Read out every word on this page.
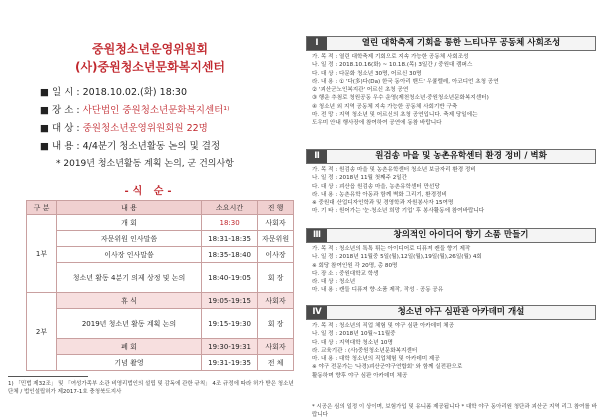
중원청소년운영위원회
(사)중원청소년문화복지센터
■ 일 시 : 2018.10.02.(화) 18:30
■ 장 소 : 사단법인 중원청소년문화복지센터¹⁾
■ 대 상 : 중원청소년운영위원회원 22명
■ 내 용 : 4/4분기 청소년활동 논의 및 결정
* 2019년 청소년활동 계획 논의, 군 건의사항
-식 순-
구 분	내 용	소요시간	진 행
1부	개 회	18:30	사회자
	자문위원 인사말씀	18:31-18:35	자문위원
	이사장 인사말씀	18:35-18:40	이사장
	청소년 활동 4분기 의제 상정 및 논의	18:40-19:05	회 장
2부	휴 식	19:05-19:15	사회자
	2019년 청소년 활동 계획 논의	19:15-19:30	회 장
	폐 회	19:30-19:31	사회자
	기념 촬영	19:31-19:35	전 체
1) 「민법 제32조」 및 「여성가족부 소관 비영리법인의 설립 및 감독에 관한 규칙」 4조 규정에 따라 허가 받은 청소년단체 / 법인설립허가 제2017-1호 충청북도지사
Ⅰ	열린 대학축제 기회을 통한 느티나무 공동체 사회조성
가. 목 적 : 열린 대학축제 기회으로 지속 가능한 공동체 사회조성
나. 일 정 : 2018.10.16(화) ~ 10.18.(목) 3일간 / 중원대 캠퍼스
다. 대 상 : 다문화 청소년 30명, 어르신 30명
라. 내 용 : ① '다(多)다(Da) 한국 동아리 밴드' 우쿨렐레, 아코디언 초청 공연
② '괴산군노인복지관' 어르신 초청 공연
③ 행운 추첨로 청원공동 우수 운영(제천청소년·중원청소년문화복지센터)
④ 청소년 외 지역 공동체 지속 가능한 공동체 사회기반 구축
마. 전 망 : 지역 청소년 및 어르신의 초청 공연입니다. 축제 당일에는
도우미 안내 행사장에 참여하여 공연에 동참 바랍니다
Ⅱ	원검송 마을 및 농촌유학센터 환경 정비 / 벽화
가. 목 적 : 원검송 마을 및 농촌유학센터 청소년 보금자리 환경 정비
나. 일 정 : 2018년 11월 첫째주 2일간
다. 대 상 : 괴산읍 원검송 마을, 농촌유학센터 만선당
라. 내 용 : 농촌유학 아동과 함께 벽화 그리기, 환경정비
※ 중원대 산업디자인학과 및 경영학과 자원봉사자 15여명
마. 기 타 : 원어가는 '눈·청소년 희망 기업' 후 봉사활동에 참여바랍니다
Ⅲ	창의적인 아이디어 향기 소품 만들기
가. 목 적 : 청소년의 톡톡 튀는 아이디어로 디퓨져 캔들 향기 제작
나. 일 정 : 2018년 11월중 5일(월),12일(월),19일(월),26일(월) 4회
※ 회당 참여인원 각 20명, 총 80명
다. 장 소 : 중원대학교 학생
라. 대 상 : 청소년
마. 내 용 : 캔들 디퓨져 향·소품 제작, 작성 · 공동 공유
Ⅳ	청소년 야구 심판관 아카데미 개설
가. 목 적 : 청소년의 직업 체험 및 야구 심판 아카데미 체공
나. 일 정 : 2018년 10월~11월중
다. 대 상 : 지역대학 청소년 10명
라. 교육기관 : (사)중원청소년문화복지센터
마. 내 용 : 대학 청소년의 직업체험 및 아카데미 제공
※ 야구 전문가는 '나경)괴산군야구연합회' 와 함께 실전판으로
활동하며 향후 야구 심판 아카데미 체공
* 시공은 심의 일정 이 상이며, 보험가입 및 유니폼 제공됩니다 * 대학 야구 동아리원 청단과 괴산군 지역 리그 참여를 바랍니다
